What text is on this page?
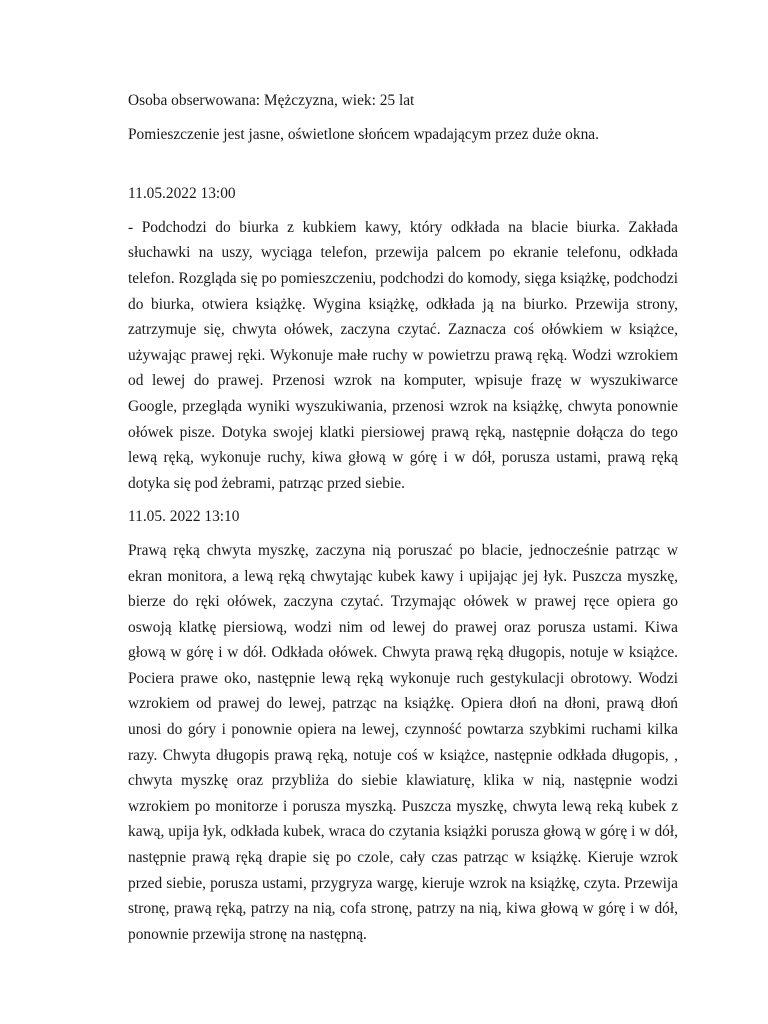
Osoba obserwowana: Mężczyzna, wiek: 25 lat

Pomieszczenie jest jasne, oświetlone słońcem wpadającym przez duże okna.

11.05.2022 13:00

- Podchodzi do biurka z kubkiem kawy, który odkłada na blacie biurka. Zakłada słuchawki na uszy, wyciąga telefon, przewija palcem po ekranie telefonu, odkłada telefon. Rozgląda się po pomieszczeniu, podchodzi do komody, sięga książkę, podchodzi do biurka, otwiera książkę. Wygina książkę, odkłada ją na biurko. Przewija strony, zatrzymuje się, chwyta ołówek, zaczyna czytać. Zaznacza coś ołówkiem w książce, używając prawej ręki. Wykonuje małe ruchy w powietrzu prawą ręką. Wodzi wzrokiem od lewej do prawej. Przenosi wzrok na komputer, wpisuje frazę w wyszukiwarce Google, przegląda wyniki wyszukiwania, przenosi wzrok na książkę, chwyta ponownie ołówek pisze. Dotyka swojej klatki piersiowej prawą ręką, następnie dołącza do tego lewą ręką, wykonuje ruchy, kiwa głową w górę i w dół, porusza ustami, prawą ręką dotyka się pod żebrami, patrząc przed siebie.

11.05. 2022 13:10

Prawą ręką chwyta myszkę, zaczyna nią poruszać po blacie, jednocześnie patrząc w ekran monitora, a lewą ręką chwytając kubek kawy i upijając jej łyk. Puszcza myszkę, bierze do ręki ołówek, zaczyna czytać. Trzymając ołówek w prawej ręce opiera go oswoją klatkę piersiową, wodzi nim od lewej do prawej oraz porusza ustami. Kiwa głową w górę i w dół. Odkłada ołówek. Chwyta prawą ręką długopis, notuje w książce. Pociera prawe oko, następnie lewą ręką wykonuje ruch gestykulacji obrotowy. Wodzi wzrokiem od prawej do lewej, patrząc na książkę. Opiera dłoń na dłoni, prawą dłoń unosi do góry i ponownie opiera na lewej, czynność powtarza szybkimi ruchami kilka razy. Chwyta długopis prawą ręką, notuje coś w książce, następnie odkłada długopis, , chwyta myszkę oraz przybliża do siebie klawiaturę, klika w nią, następnie wodzi wzrokiem po monitorze i porusza myszką. Puszcza myszkę, chwyta lewą reką kubek z kawą, upija łyk, odkłada kubek, wraca do czytania książki porusza głową w górę i w dół, następnie prawą ręką drapie się po czole, cały czas patrząc w książkę. Kieruje wzrok przed siebie, porusza ustami, przygryza wargę, kieruje wzrok na książkę, czyta. Przewija stronę, prawą ręką, patrzy na nią, cofa stronę, patrzy na nią, kiwa głową w górę i w dół, ponownie przewija stronę na następną.
